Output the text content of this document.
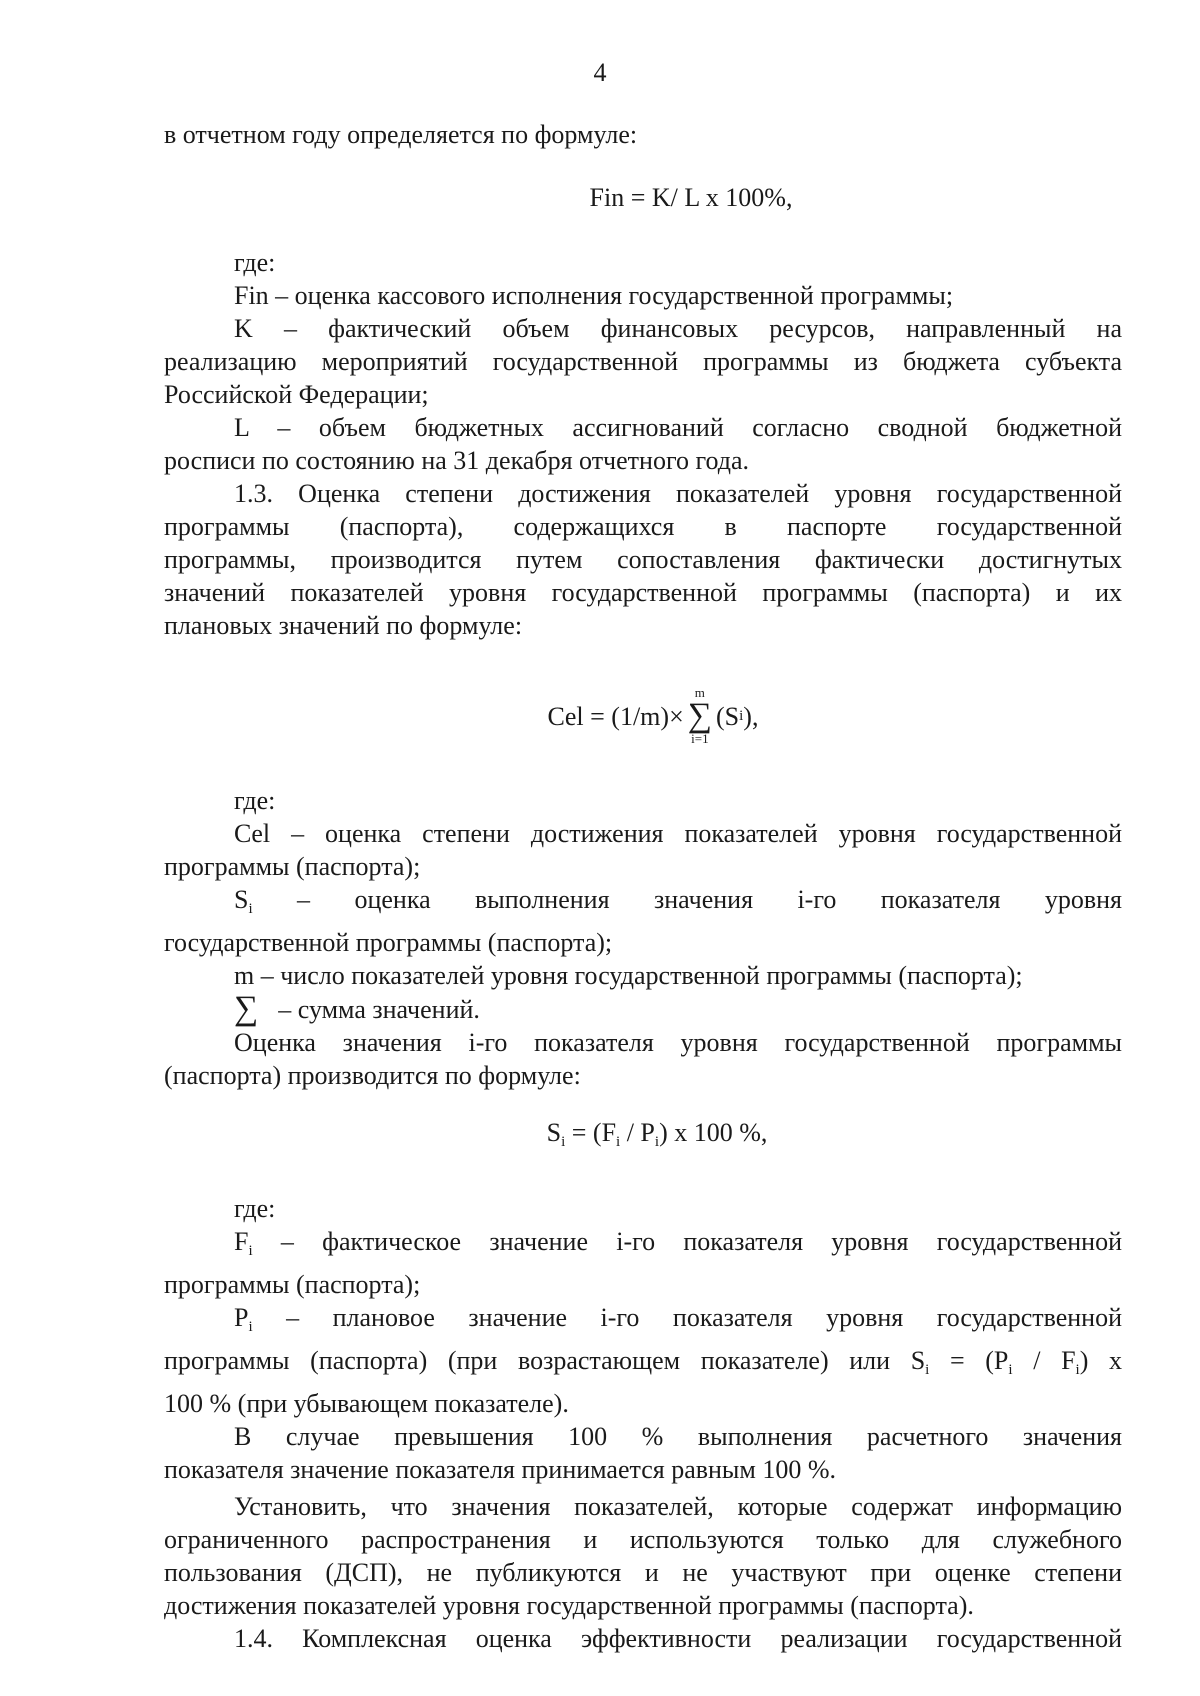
4

в отчетном году определяется по формуле:

Fin = K/ L x 100%,

где:

Fin – оценка кассового исполнения государственной программы;

K – фактический объем финансовых ресурсов, направленный на

реализацию мероприятий государственной программы из бюджета субъекта

Российской Федерации;

L – объем бюджетных ассигнований согласно сводной бюджетной

росписи по состоянию на 31 декабря отчетного года.

1.3. Оценка степени достижения показателей уровня государственной

программы (паспорта), содержащихся в паспорте государственной

программы, производится путем сопоставления фактически достигнутых

значений показателей уровня государственной программы (паспорта) и их

плановых значений по формуле:

Cel = (1/m)×
m
∑
i=1
(S i ),

где:

Cel – оценка степени достижения показателей уровня государственной

программы (паспорта);

$S_i$ – оценка выполнения значения i-го показателя уровня

государственной программы (паспорта);

m – число показателей уровня государственной программы (паспорта);

∑ – сумма значений.

Оценка значения i-го показателя уровня государственной программы

(паспорта) производится по формуле:

$S_i = (F_i / P_i)$ x 100 %,

где:

$F_i$ – фактическое значение i-го показателя уровня государственной

программы (паспорта);

$P_i$ – плановое значение i-го показателя уровня государственной

программы (паспорта) (при возрастающем показателе) или $S_i = (P_i / F_i)$ x

100 % (при убывающем показателе).

В случае превышения 100 % выполнения расчетного значения

показателя значение показателя принимается равным 100 %.

Установить, что значения показателей, которые содержат информацию

ограниченного распространения и используются только для служебного

пользования (ДСП), не публикуются и не участвуют при оценке степени

достижения показателей уровня государственной программы (паспорта).

1.4. Комплексная оценка эффективности реализации государственной
